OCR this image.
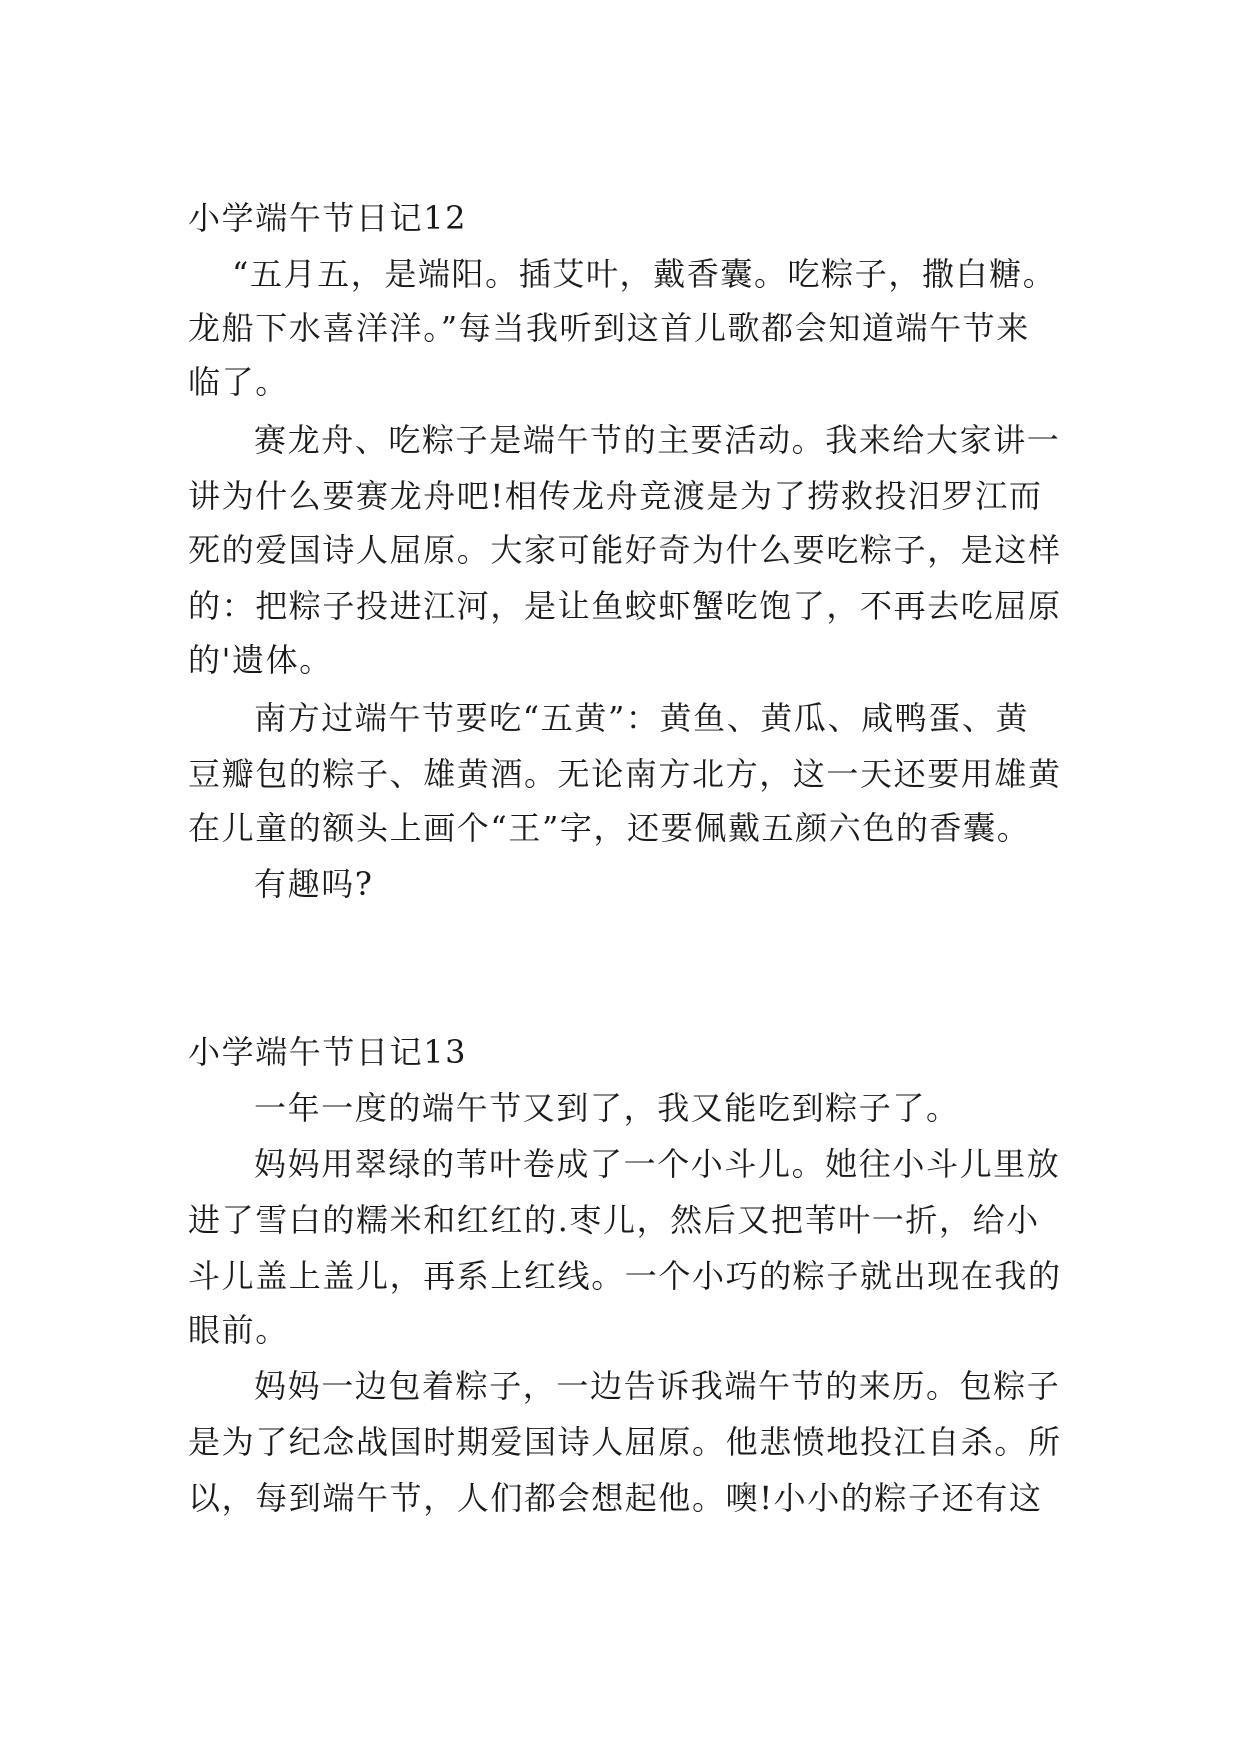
小学端午节日记12
“五月五，是端阳。插艾叶，戴香囊。吃粽子，撒白糖。
龙船下水喜洋洋。”每当我听到这首儿歌都会知道端午节来
临了。
赛龙舟、吃粽子是端午节的主要活动。我来给大家讲一
讲为什么要赛龙舟吧!相传龙舟竞渡是为了捞救投汨罗江而
死的爱国诗人屈原。大家可能好奇为什么要吃粽子，是这样
的：把粽子投进江河，是让鱼蛟虾蟹吃饱了，不再去吃屈原
的'遗体。
南方过端午节要吃“五黄”：黄鱼、黄瓜、咸鸭蛋、黄
豆瓣包的粽子、雄黄酒。无论南方北方，这一天还要用雄黄
在儿童的额头上画个“王”字，还要佩戴五颜六色的香囊。
有趣吗?
小学端午节日记13
一年一度的端午节又到了，我又能吃到粽子了。
妈妈用翠绿的苇叶卷成了一个小斗儿。她往小斗儿里放
进了雪白的糯米和红红的.枣儿，然后又把苇叶一折，给小
斗儿盖上盖儿，再系上红线。一个小巧的粽子就出现在我的
眼前。
妈妈一边包着粽子，一边告诉我端午节的来历。包粽子
是为了纪念战国时期爱国诗人屈原。他悲愤地投江自杀。所
以，每到端午节，人们都会想起他。噢!小小的粽子还有这
